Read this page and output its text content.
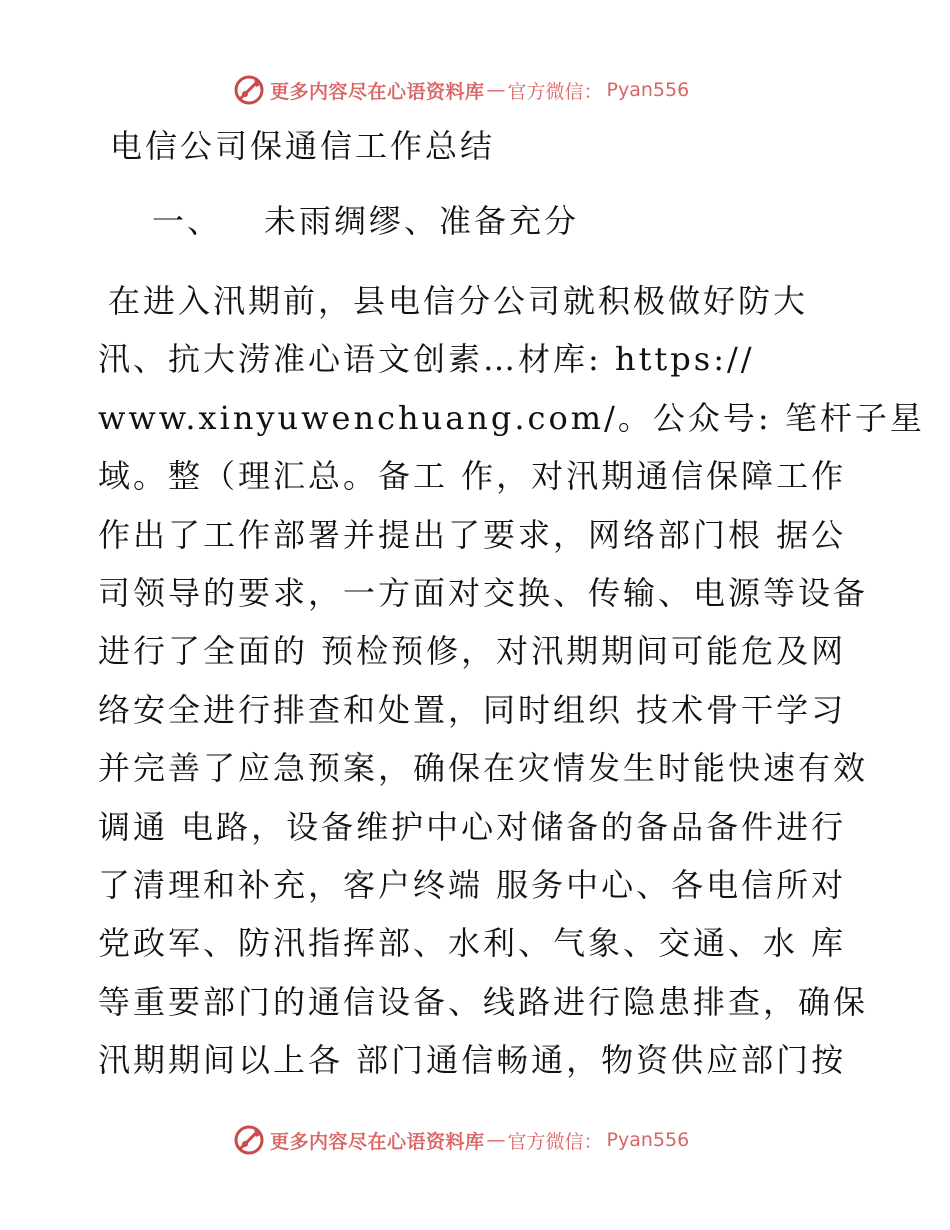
更多内容尽在心语资料库 — 官方微信： Pyan556
电信公司保通信工作总结
一、 未雨绸缪、准备充分
在进入汛期前，县电信分公司就积极做好防大
汛、抗大涝准心语文创素…材库: https://
www.xinyuwenchuang.com/。公众号: 笔杆子星
域。整（理汇总。备工 作，对汛期通信保障工作
作出了工作部署并提出了要求，网络部门根 据公
司领导的要求，一方面对交换、传输、电源等设备
进行了全面的 预检预修，对汛期期间可能危及网
络安全进行排查和处置，同时组织 技术骨干学习
并完善了应急预案，确保在灾情发生时能快速有效
调通 电路，设备维护中心对储备的备品备件进行
了清理和补充，客户终端 服务中心、各电信所对
党政军、防汛指挥部、水利、气象、交通、水 库
等重要部门的通信设备、线路进行隐患排查，确保
汛期期间以上各 部门通信畅通，物资供应部门按
更多内容尽在心语资料库 — 官方微信： Pyan556
